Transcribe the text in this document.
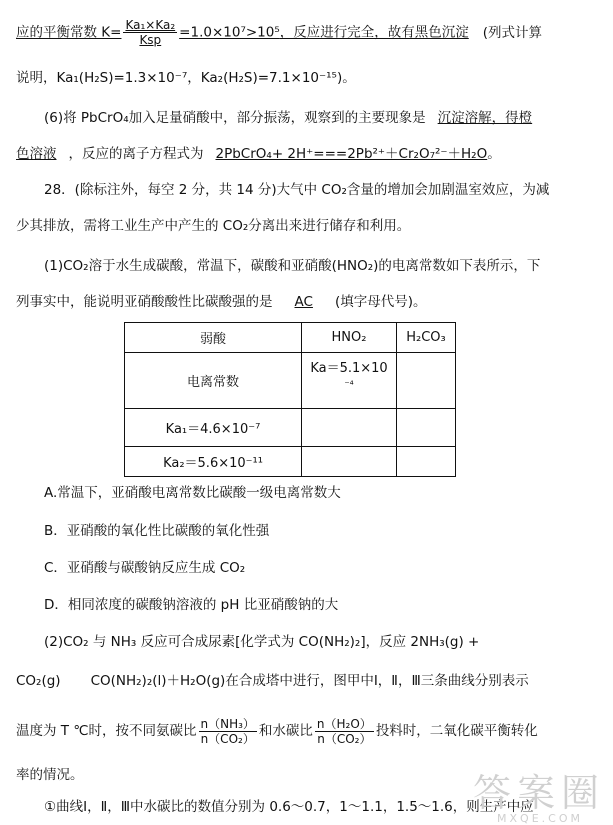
应的平衡常数 $K= \frac{\text{Ka₁×Ka₂}}{\text{Ksp}} =1.0\times 10^7>10^5$，反应进行完全，故有黑色沉淀 (列式计算
说明，Ka₁(H₂S)=1.3×10⁻⁷，Ka₂(H₂S)=7.1×10⁻¹⁵)。
(6)将 PbCrO₄加入足量硝酸中，部分振荡，观察到的主要现象是 沉淀溶解，得橙
色溶液 ，反应的离子方程式为 2PbCrO₄+ 2H⁺===2Pb²⁺＋Cr₂O₇²⁻＋H₂O。
28．(除标注外，每空 2 分，共 14 分)大气中 CO₂含量的增加会加剧温室效应，为减
少其排放，需将工业生产中产生的 CO₂分离出来进行储存和利用。
(1)CO₂溶于水生成碳酸，常温下，碳酸和亚硝酸(HNO₂)的电离常数如下表所示，下
列事实中，能说明亚硝酸酸性比碳酸强的是 AC (填字母代号)。
弱酸	HNO₂	H₂CO₃
电离常数	Ka＝5.1×10
⁻⁴	

Ka₁＝4.6×10⁻⁷		
Ka₂＝5.6×10⁻¹¹		
A.常温下，亚硝酸电离常数比碳酸一级电离常数大
B．亚硝酸的氧化性比碳酸的氧化性强
C．亚硝酸与碳酸钠反应生成 CO₂
D．相同浓度的碳酸钠溶液的 pH 比亚硝酸钠的大
(2)CO₂ 与 NH₃ 反应可合成尿素[化学式为 CO(NH₂)₂]，反应 2NH₃(g) +
CO₂(g) CO(NH₂)₂(l)＋H₂O(g)在合成塔中进行，图甲中Ⅰ，Ⅱ，Ⅲ三条曲线分别表示
温度为 T ℃时，按不同氨碳比 $\frac{\text{n（NH₃）}}{\text{n（CO₂）}}$ 和水碳比 $\frac{\text{n（H₂O）}}{\text{n（CO₂）}}$ 投料时，二氧化碳平衡转化
率的情况。
①曲线Ⅰ，Ⅱ，Ⅲ中水碳比的数值分别为 0.6～0.7，1～1.1，1.5～1.6，则生产中应
答案圈
MXQE.COM
